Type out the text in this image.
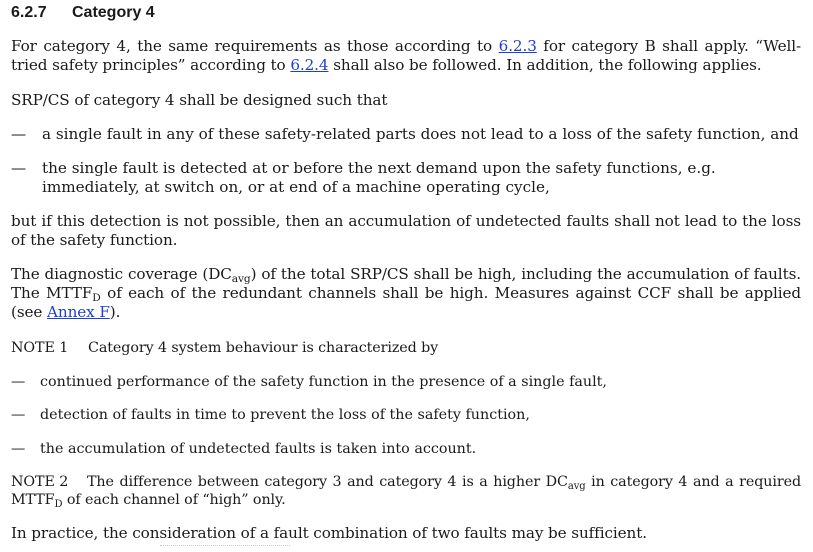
6.2.7 Category 4
For category 4, the same requirements as those according to 6.2.3 for category B shall apply. “Well-tried safety principles” according to 6.2.4 shall also be followed. In addition, the following applies.
SRP/CS of category 4 shall be designed such that
—	a single fault in any of these safety-related parts does not lead to a loss of the safety function, and
—	the single fault is detected at or before the next demand upon the safety functions, e.g. immediately, at switch on, or at end of a machine operating cycle,
but if this detection is not possible, then an accumulation of undetected faults shall not lead to the loss of the safety function.
The diagnostic coverage $(DC_{avg})$ of the total SRP/CS shall be high, including the accumulation of faults. The $MTTF_D$ of each of the redundant channels shall be high. Measures against CCF shall be applied (see Annex F).
NOTE 1 Category 4 system behaviour is characterized by
—	continued performance of the safety function in the presence of a single fault,
—	detection of faults in time to prevent the loss of the safety function,
—	the accumulation of undetected faults is taken into account.
NOTE 2 The difference between category 3 and category 4 is a higher $DC_{avg}$ in category 4 and a required $MTTF_D$ of each channel of “high” only.
In practice, the consideration of a fault combination of two faults may be sufficient.
